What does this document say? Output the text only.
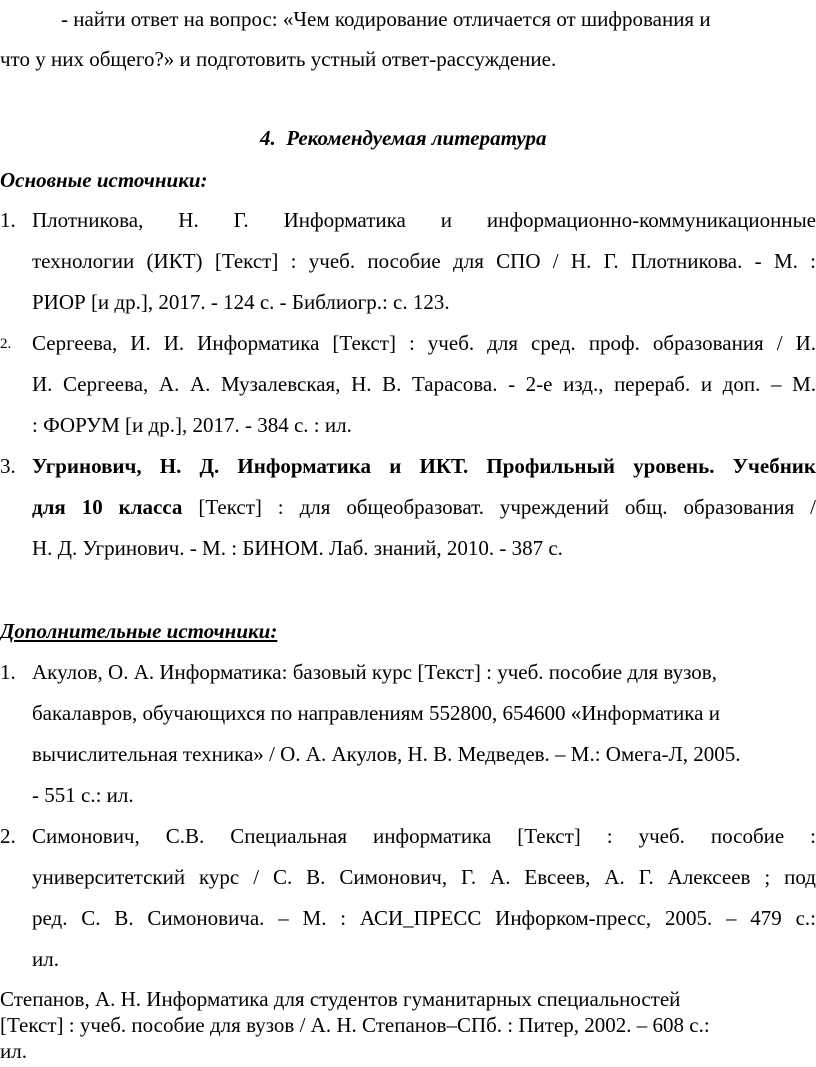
- найти ответ на вопрос: «Чем кодирование отличается от шифрования и
что у них общего?» и подготовить устный ответ-рассуждение.
4. Рекомендуемая литература
Основные источники:
1. Плотникова, Н. Г. Информатика и информационно-коммуникационные
технологии (ИКТ) [Текст] : учеб. пособие для СПО / Н. Г. Плотникова. - М. :
РИОР [и др.], 2017. - 124 с. - Библиогр.: с. 123.
2. Сергеева, И. И. Информатика [Текст] : учеб. для сред. проф. образования / И.
И. Сергеева, А. А. Музалевская, Н. В. Тарасова. - 2-е изд., перераб. и доп. – М.
: ФОРУМ [и др.], 2017. - 384 с. : ил.
3. Угринович, Н. Д. Информатика и ИКТ. Профильный уровень. Учебник
для 10 класса [Текст] : для общеобразоват. учреждений общ. образования /
Н. Д. Угринович. - М. : БИНОМ. Лаб. знаний, 2010. - 387 с.
Дополнительные источники:
1. Акулов, О. А. Информатика: базовый курс [Текст] : учеб. пособие для вузов,
бакалавров, обучающихся по направлениям 552800, 654600 «Информатика и
вычислительная техника» / О. А. Акулов, Н. В. Медведев. – М.: Омега-Л, 2005.
- 551 с.: ил.
2. Симонович, С.В. Специальная информатика [Текст] : учеб. пособие :
университетский курс / С. В. Симонович, Г. А. Евсеев, А. Г. Алексеев ; под
ред. С. В. Симоновича. – М. : АСИ_ПРЕСС Инфорком-пресс, 2005. – 479 с.:
ил.
Степанов, А. Н. Информатика для студентов гуманитарных специальностей
[Текст] : учеб. пособие для вузов / А. Н. Степанов–СПб. : Питер, 2002. – 608 с.:
ил.
